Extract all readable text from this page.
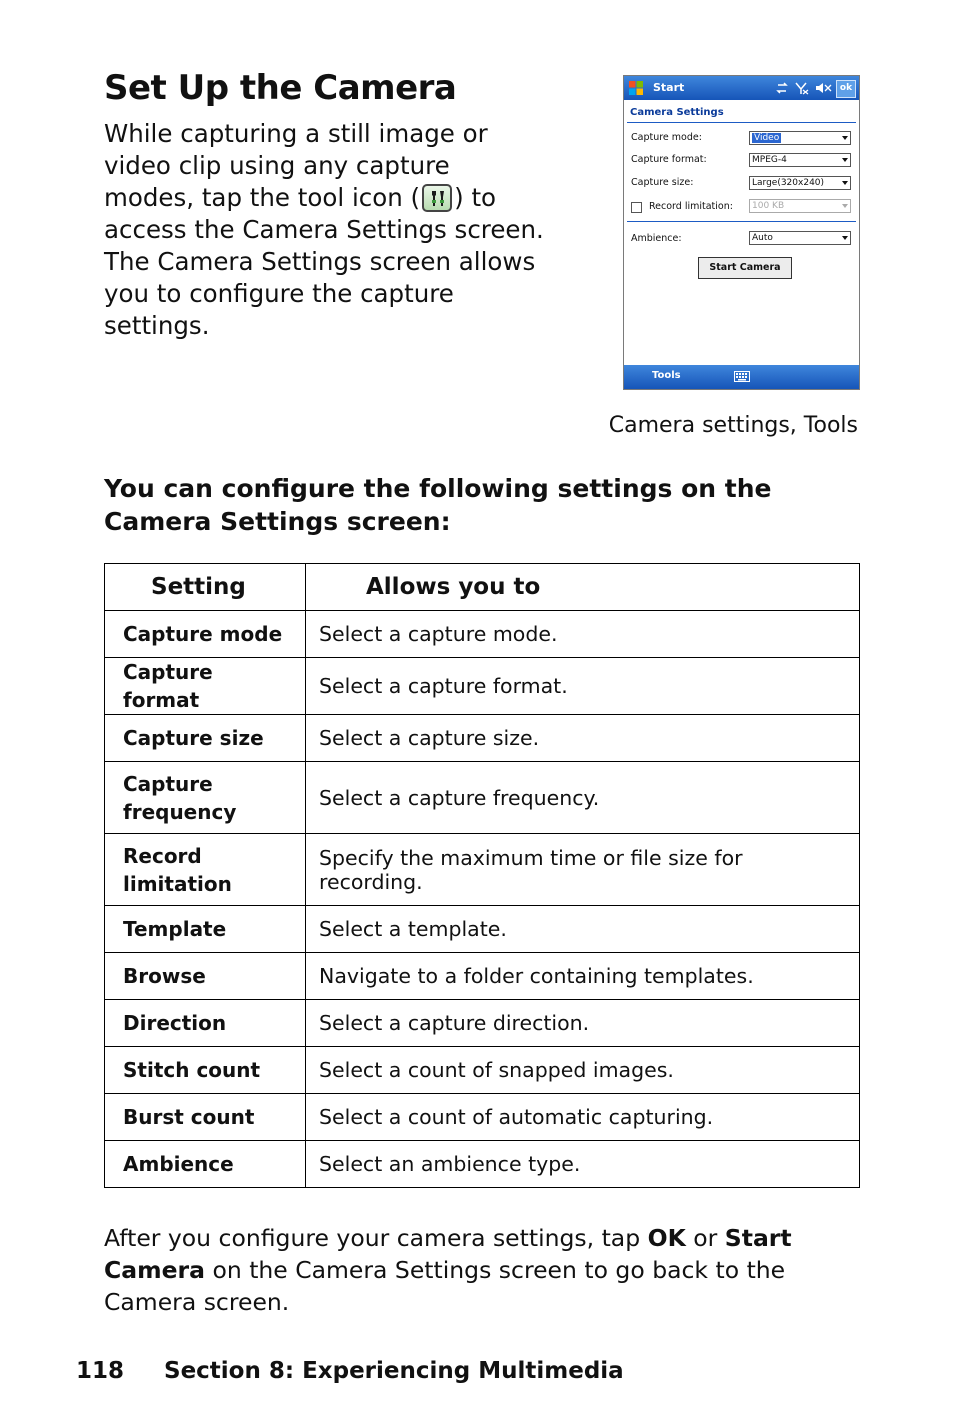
Set Up the Camera
While capturing a still image or video clip using any capture modes, tap the tool icon ( ) to access the Camera Settings screen. The Camera Settings screen allows you to configure the capture settings.
Start	ok
Camera Settings
Capture mode:	Video
Capture format:	MPEG-4
Capture size:	Large(320x240)
Record limitation:	100 KB
Ambience:	Auto
Start Camera
Tools
Camera settings, Tools
You can configure the following settings on the Camera Settings screen:
Setting	Allows you to
Capture mode	Select a capture mode.
Capture format	Select a capture format.
Capture size	Select a capture size.
Capture frequency	Select a capture frequency.
Record limitation	Specify the maximum time or file size for recording.
Template	Select a template.
Browse	Navigate to a folder containing templates.
Direction	Select a capture direction.
Stitch count	Select a count of snapped images.
Burst count	Select a count of automatic capturing.
Ambience	Select an ambience type.
After you configure your camera settings, tap OK or Start Camera on the Camera Settings screen to go back to the Camera screen.
118 Section 8: Experiencing Multimedia
